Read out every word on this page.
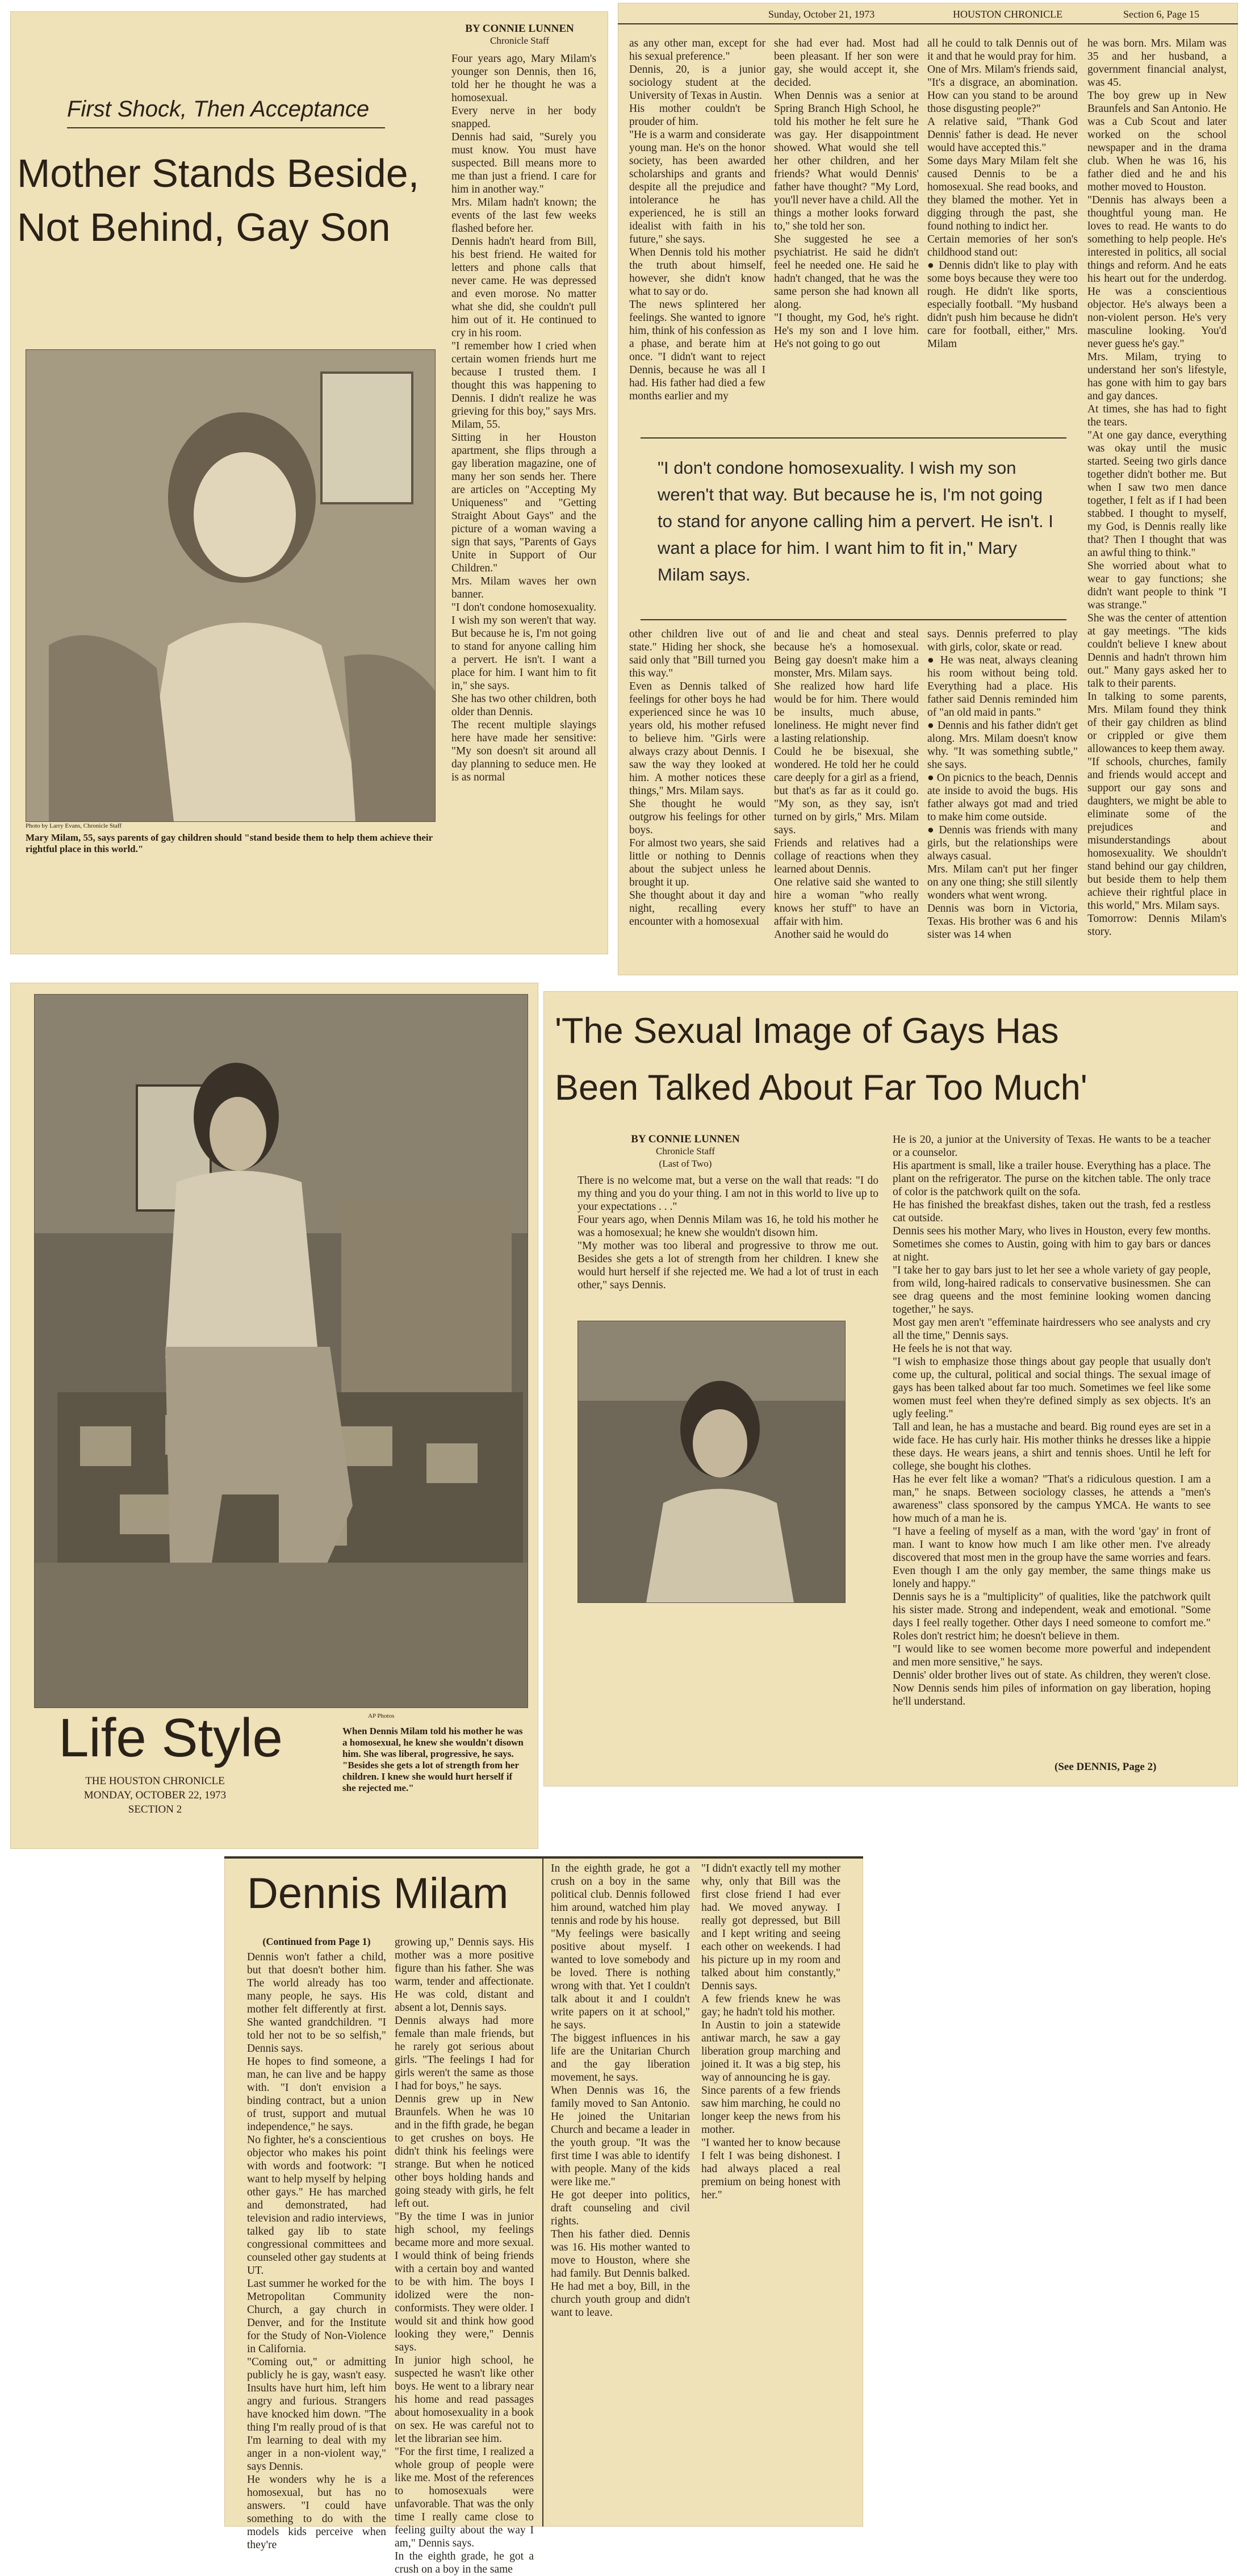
First Shock, Then Acceptance
Mother Stands Beside,
Not Behind, Gay Son
Photo by Larry Evans, Chronicle Staff
Mary Milam, 55, says parents of gay children should "stand beside them to help them achieve their rightful place in this world."
BY CONNIE LUNNEN
Chronicle Staff
Four years ago, Mary Milam's younger son Dennis, then 16, told her he thought he was a homosexual.
Every nerve in her body snapped.
Dennis had said, "Surely you must know. You must have suspected. Bill means more to me than just a friend. I care for him in another way."
Mrs. Milam hadn't known; the events of the last few weeks flashed before her.
Dennis hadn't heard from Bill, his best friend. He waited for letters and phone calls that never came. He was depressed and even morose. No matter what she did, she couldn't pull him out of it. He continued to cry in his room.
"I remember how I cried when certain women friends hurt me because I trusted them. I thought this was happening to Dennis. I didn't realize he was grieving for this boy," says Mrs. Milam, 55.
Sitting in her Houston apartment, she flips through a gay liberation magazine, one of many her son sends her. There are articles on "Accepting My Uniqueness" and "Getting Straight About Gays" and the picture of a woman waving a sign that says, "Parents of Gays Unite in Support of Our Children."
Mrs. Milam waves her own banner.
"I don't condone homosexuality. I wish my son weren't that way. But because he is, I'm not going to stand for anyone calling him a pervert. He isn't. I want a place for him. I want him to fit in," she says.
She has two other children, both older than Dennis.
The recent multiple slayings here have made her sensitive: "My son doesn't sit around all day planning to seduce men. He is as normal
Sunday, October 21, 1973	HOUSTON CHRONICLE	Section 6, Page 15
as any other man, except for his sexual preference."
Dennis, 20, is a junior sociology student at the University of Texas in Austin.
His mother couldn't be prouder of him.
"He is a warm and considerate young man. He's on the honor society, has been awarded scholarships and grants and despite all the prejudice and intolerance he has experienced, he is still an idealist with faith in his future," she says.
When Dennis told his mother the truth about himself, however, she didn't know what to say or do.
The news splintered her feelings. She wanted to ignore him, think of his confession as a phase, and berate him at once. "I didn't want to reject Dennis, because he was all I had. His father had died a few months earlier and my
she had ever had. Most had been pleasant. If her son were gay, she would accept it, she decided.
When Dennis was a senior at Spring Branch High School, he told his mother he felt sure he was gay. Her disappointment showed. What would she tell her other children, and her friends? What would Dennis' father have thought? "My Lord, you'll never have a child. All the things a mother looks forward to," she told her son.
She suggested he see a psychiatrist. He said he didn't feel he needed one. He said he hadn't changed, that he was the same person she had known all along.
"I thought, my God, he's right. He's my son and I love him. He's not going to go out
all he could to talk Dennis out of it and that he would pray for him.
One of Mrs. Milam's friends said, "It's a disgrace, an abomination. How can you stand to be around those disgusting people?"
A relative said, "Thank God Dennis' father is dead. He never would have accepted this."
Some days Mary Milam felt she caused Dennis to be a homosexual. She read books, and they blamed the mother. Yet in digging through the past, she found nothing to indict her.
Certain memories of her son's childhood stand out:
● Dennis didn't like to play with some boys because they were too rough. He didn't like sports, especially football. "My husband didn't push him because he didn't care for football, either," Mrs. Milam
he was born. Mrs. Milam was 35 and her husband, a government financial analyst, was 45.
The boy grew up in New Braunfels and San Antonio. He was a Cub Scout and later worked on the school newspaper and in the drama club. When he was 16, his father died and he and his mother moved to Houston.
"Dennis has always been a thoughtful young man. He loves to read. He wants to do something to help people. He's interested in politics, all social things and reform. And he eats his heart out for the underdog. He was a conscientious objector. He's always been a non-violent person. He's very masculine looking. You'd never guess he's gay."
Mrs. Milam, trying to understand her son's lifestyle, has gone with him to gay bars and gay dances.
At times, she has had to fight the tears.
"At one gay dance, everything was okay until the music started. Seeing two girls dance together didn't bother me. But when I saw two men dance together, I felt as if I had been stabbed. I thought to myself, my God, is Dennis really like that? Then I thought that was an awful thing to think."
She worried about what to wear to gay functions; she didn't want people to think "I was strange."
She was the center of attention at gay meetings. "The kids couldn't believe I knew about Dennis and hadn't thrown him out." Many gays asked her to talk to their parents.
In talking to some parents, Mrs. Milam found they think of their gay children as blind or crippled or give them allowances to keep them away.
"If schools, churches, family and friends would accept and support our gay sons and daughters, we might be able to eliminate some of the prejudices and misunderstandings about homosexuality. We shouldn't stand behind our gay children, but beside them to help them achieve their rightful place in this world," Mrs. Milam says.
Tomorrow: Dennis Milam's story.
"I don't condone homosexuality. I wish my son weren't that way. But because he is, I'm not going to stand for anyone calling him a pervert. He isn't. I want a place for him. I want him to fit in," Mary Milam says.
other children live out of state." Hiding her shock, she said only that "Bill turned you this way."
Even as Dennis talked of feelings for other boys he had experienced since he was 10 years old, his mother refused to believe him. "Girls were always crazy about Dennis. I saw the way they looked at him. A mother notices these things," Mrs. Milam says.
She thought he would outgrow his feelings for other boys.
For almost two years, she said little or nothing to Dennis about the subject unless he brought it up.
She thought about it day and night, recalling every encounter with a homosexual
and lie and cheat and steal because he's a homosexual. Being gay doesn't make him a monster, Mrs. Milam says.
She realized how hard life would be for him. There would be insults, much abuse, loneliness. He might never find a lasting relationship.
Could he be bisexual, she wondered. He told her he could care deeply for a girl as a friend, but that's as far as it could go. "My son, as they say, isn't turned on by girls," Mrs. Milam says.
Friends and relatives had a collage of reactions when they learned about Dennis.
One relative said she wanted to hire a woman "who really knows her stuff" to have an affair with him.
Another said he would do
says. Dennis preferred to play with girls, color, skate or read.
● He was neat, always cleaning his room without being told. Everything had a place. His father said Dennis reminded him of "an old maid in pants."
● Dennis and his father didn't get along. Mrs. Milam doesn't know why. "It was something subtle," she says.
● On picnics to the beach, Dennis ate inside to avoid the bugs. His father always got mad and tried to make him come outside.
● Dennis was friends with many girls, but the relationships were always casual.
Mrs. Milam can't put her finger on any one thing; she still silently wonders what went wrong.
Dennis was born in Victoria, Texas. His brother was 6 and his sister was 14 when
Life Style
THE HOUSTON CHRONICLE
MONDAY, OCTOBER 22, 1973
SECTION 2
AP Photos
When Dennis Milam told his mother he was a homosexual, he knew she wouldn't disown him. She was liberal, progressive, he says. "Besides she gets a lot of strength from her children. I knew she would hurt herself if she rejected me."
'The Sexual Image of Gays Has
Been Talked About Far Too Much'
BY CONNIE LUNNEN
Chronicle Staff
(Last of Two)
There is no welcome mat, but a verse on the wall that reads: "I do my thing and you do your thing. I am not in this world to live up to your expectations . . ."
Four years ago, when Dennis Milam was 16, he told his mother he was a homosexual; he knew she wouldn't disown him.
"My mother was too liberal and progressive to throw me out. Besides she gets a lot of strength from her children. I knew she would hurt herself if she rejected me. We had a lot of trust in each other," says Dennis.
He is 20, a junior at the University of Texas. He wants to be a teacher or a counselor.
His apartment is small, like a trailer house. Everything has a place. The plant on the refrigerator. The purse on the kitchen table. The only trace of color is the patchwork quilt on the sofa.
He has finished the breakfast dishes, taken out the trash, fed a restless cat outside.
Dennis sees his mother Mary, who lives in Houston, every few months. Sometimes she comes to Austin, going with him to gay bars or dances at night.
"I take her to gay bars just to let her see a whole variety of gay people, from wild, long-haired radicals to conservative businessmen. She can see drag queens and the most feminine looking women dancing together," he says.
Most gay men aren't "effeminate hairdressers who see analysts and cry all the time," Dennis says.
He feels he is not that way.
"I wish to emphasize those things about gay people that usually don't come up, the cultural, political and social things. The sexual image of gays has been talked about far too much. Sometimes we feel like some women must feel when they're defined simply as sex objects. It's an ugly feeling."
Tall and lean, he has a mustache and beard. Big round eyes are set in a wide face. He has curly hair. His mother thinks he dresses like a hippie these days. He wears jeans, a shirt and tennis shoes. Until he left for college, she bought his clothes.
Has he ever felt like a woman? "That's a ridiculous question. I am a man," he snaps. Between sociology classes, he attends a "men's awareness" class sponsored by the campus YMCA. He wants to see how much of a man he is.
"I have a feeling of myself as a man, with the word 'gay' in front of man. I want to know how much I am like other men. I've already discovered that most men in the group have the same worries and fears. Even though I am the only gay member, the same things make us lonely and happy."
Dennis says he is a "multiplicity" of qualities, like the patchwork quilt his sister made. Strong and independent, weak and emotional. "Some days I feel really together. Other days I need someone to comfort me." Roles don't restrict him; he doesn't believe in them.
"I would like to see women become more powerful and independent and men more sensitive," he says.
Dennis' older brother lives out of state. As children, they weren't close. Now Dennis sends him piles of information on gay liberation, hoping he'll understand.
(See DENNIS, Page 2)
Dennis Milam
(Continued from Page 1)
Dennis won't father a child, but that doesn't bother him. The world already has too many people, he says. His mother felt differently at first. She wanted grandchildren. "I told her not to be so selfish," Dennis says.
He hopes to find someone, a man, he can live and be happy with. "I don't envision a binding contract, but a union of trust, support and mutual independence," he says.
No fighter, he's a conscientious objector who makes his point with words and footwork: "I want to help myself by helping other gays." He has marched and demonstrated, had television and radio interviews, talked gay lib to state congressional committees and counseled other gay students at UT.
Last summer he worked for the Metropolitan Community Church, a gay church in Denver, and for the Institute for the Study of Non-Violence in California.
"Coming out," or admitting publicly he is gay, wasn't easy. Insults have hurt him, left him angry and furious. Strangers have knocked him down. "The thing I'm really proud of is that I'm learning to deal with my anger in a non-violent way," says Dennis.
He wonders why he is a homosexual, but has no answers. "I could have something to do with the models kids perceive when they're
growing up," Dennis says. His mother was a more positive figure than his father. She was warm, tender and affectionate. He was cold, distant and absent a lot, Dennis says.
Dennis always had more female than male friends, but he rarely got serious about girls. "The feelings I had for girls weren't the same as those I had for boys," he says.
Dennis grew up in New Braunfels. When he was 10 and in the fifth grade, he began to get crushes on boys. He didn't think his feelings were strange. But when he noticed other boys holding hands and going steady with girls, he felt left out.
"By the time I was in junior high school, my feelings became more and more sexual. I would think of being friends with a certain boy and wanted to be with him. The boys I idolized were the non-conformists. They were older. I would sit and think how good looking they were," Dennis says.
In junior high school, he suspected he wasn't like other boys. He went to a library near his home and read passages about homosexuality in a book on sex. He was careful not to let the librarian see him.
"For the first time, I realized a whole group of people were like me. Most of the references to homosexuals were unfavorable. That was the only time I really came close to feeling guilty about the way I am," Dennis says.
In the eighth grade, he got a crush on a boy in the same
In the eighth grade, he got a crush on a boy in the same political club. Dennis followed him around, watched him play tennis and rode by his house.
"My feelings were basically positive about myself. I wanted to love somebody and be loved. There is nothing wrong with that. Yet I couldn't talk about it and I couldn't write papers on it at school," he says.
The biggest influences in his life are the Unitarian Church and the gay liberation movement, he says.
When Dennis was 16, the family moved to San Antonio. He joined the Unitarian Church and became a leader in the youth group. "It was the first time I was able to identify with people. Many of the kids were like me."
He got deeper into politics, draft counseling and civil rights.
Then his father died. Dennis was 16. His mother wanted to move to Houston, where she had family. But Dennis balked. He had met a boy, Bill, in the church youth group and didn't want to leave.
"I didn't exactly tell my mother why, only that Bill was the first close friend I had ever had. We moved anyway. I really got depressed, but Bill and I kept writing and seeing each other on weekends. I had his picture up in my room and talked about him constantly," Dennis says.
A few friends knew he was gay; he hadn't told his mother.
In Austin to join a statewide antiwar march, he saw a gay liberation group marching and joined it. It was a big step, his way of announcing he is gay.
Since parents of a few friends saw him marching, he could no longer keep the news from his mother.
"I wanted her to know because I felt I was being dishonest. I had always placed a real premium on being honest with her."
